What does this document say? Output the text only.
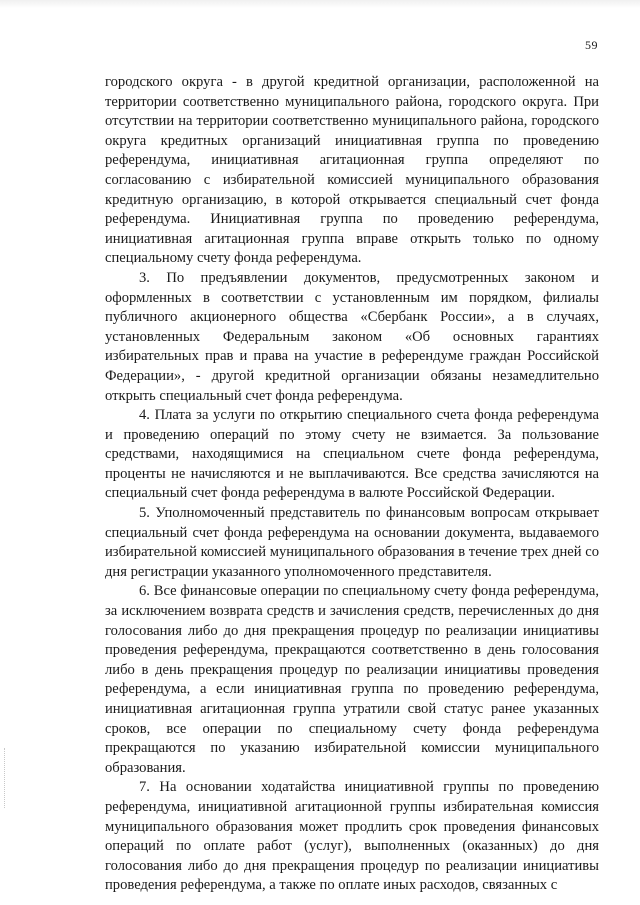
59

городского округа - в другой кредитной организации, расположенной на территории соответственно муниципального района, городского округа. При отсутствии на территории соответственно муниципального района, городского округа кредитных организаций инициативная группа по проведению референдума, инициативная агитационная группа определяют по согласованию с избирательной комиссией муниципального образования кредитную организацию, в которой открывается специальный счет фонда референдума. Инициативная группа по проведению референдума, инициативная агитационная группа вправе открыть только по одному специальному счету фонда референдума.

3. По предъявлении документов, предусмотренных законом и оформленных в соответствии с установленным им порядком, филиалы публичного акционерного общества «Сбербанк России», а в случаях, установленных Федеральным законом «Об основных гарантиях избирательных прав и права на участие в референдуме граждан Российской Федерации», - другой кредитной организации обязаны незамедлительно открыть специальный счет фонда референдума.

4. Плата за услуги по открытию специального счета фонда референдума и проведению операций по этому счету не взимается. За пользование средствами, находящимися на специальном счете фонда референдума, проценты не начисляются и не выплачиваются. Все средства зачисляются на специальный счет фонда референдума в валюте Российской Федерации.

5. Уполномоченный представитель по финансовым вопросам открывает специальный счет фонда референдума на основании документа, выдаваемого избирательной комиссией муниципального образования в течение трех дней со дня регистрации указанного уполномоченного представителя.

6. Все финансовые операции по специальному счету фонда референдума, за исключением возврата средств и зачисления средств, перечисленных до дня голосования либо до дня прекращения процедур по реализации инициативы проведения референдума, прекращаются соответственно в день голосования либо в день прекращения процедур по реализации инициативы проведения референдума, а если инициативная группа по проведению референдума, инициативная агитационная группа утратили свой статус ранее указанных сроков, все операции по специальному счету фонда референдума прекращаются по указанию избирательной комиссии муниципального образования.

7. На основании ходатайства инициативной группы по проведению референдума, инициативной агитационной группы избирательная комиссия муниципального образования может продлить срок проведения финансовых операций по оплате работ (услуг), выполненных (оказанных) до дня голосования либо до дня прекращения процедур по реализации инициативы проведения референдума, а также по оплате иных расходов, связанных с
